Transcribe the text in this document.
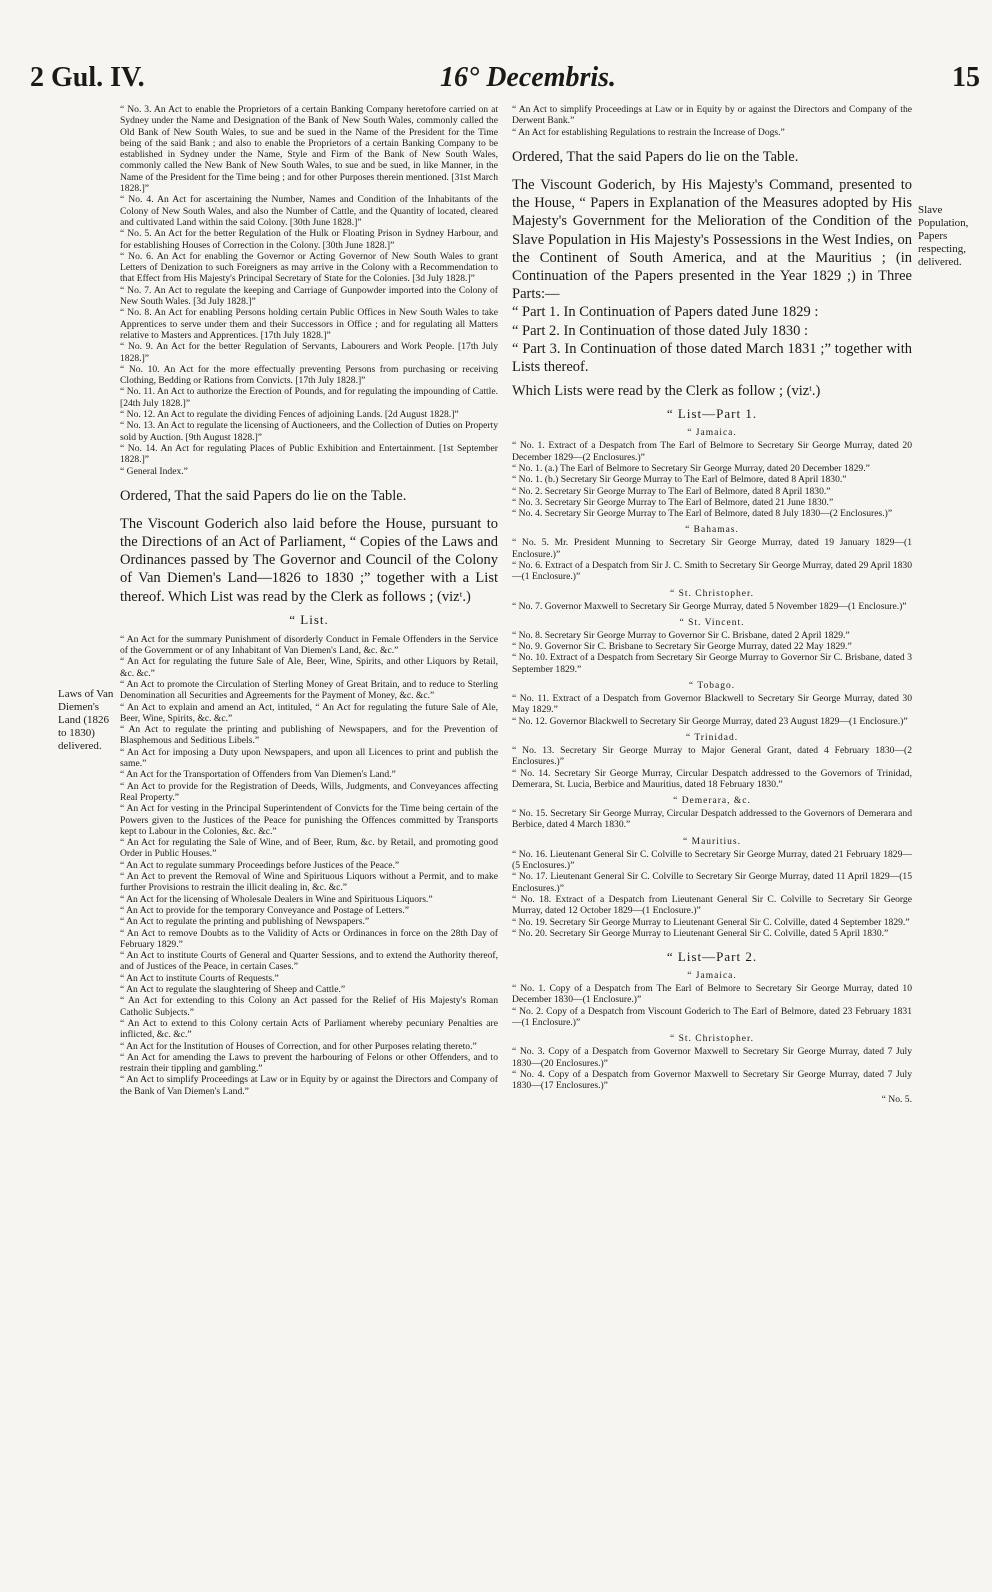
2 Gul. IV.	16° Decembris.	15
Laws of Van Diemen's Land (1826 to 1830) delivered.
Slave Population, Papers respecting, delivered.

“ No. 3. An Act to enable the Proprietors of a certain Banking Company heretofore carried on at Sydney under the Name and Designation of the Bank of New South Wales, commonly called the Old Bank of New South Wales, to sue and be sued in the Name of the President for the Time being of the said Bank ; and also to enable the Proprietors of a certain Banking Company to be established in Sydney under the Name, Style and Firm of the Bank of New South Wales, commonly called the New Bank of New South Wales, to sue and be sued, in like Manner, in the Name of the President for the Time being ; and for other Purposes therein mentioned. [31st March 1828.]”

“ No. 4. An Act for ascertaining the Number, Names and Condition of the Inhabitants of the Colony of New South Wales, and also the Number of Cattle, and the Quantity of located, cleared and cultivated Land within the said Colony. [30th June 1828.]”

“ No. 5. An Act for the better Regulation of the Hulk or Floating Prison in Sydney Harbour, and for establishing Houses of Correction in the Colony. [30th June 1828.]”

“ No. 6. An Act for enabling the Governor or Acting Governor of New South Wales to grant Letters of Denization to such Foreigners as may arrive in the Colony with a Recommendation to that Effect from His Majesty's Principal Secretary of State for the Colonies. [3d July 1828.]”

“ No. 7. An Act to regulate the keeping and Carriage of Gunpowder imported into the Colony of New South Wales. [3d July 1828.]”

“ No. 8. An Act for enabling Persons holding certain Public Offices in New South Wales to take Apprentices to serve under them and their Successors in Office ; and for regulating all Matters relative to Masters and Apprentices. [17th July 1828.]”

“ No. 9. An Act for the better Regulation of Servants, Labourers and Work People. [17th July 1828.]”

“ No. 10. An Act for the more effectually preventing Persons from purchasing or receiving Clothing, Bedding or Rations from Convicts. [17th July 1828.]”

“ No. 11. An Act to authorize the Erection of Pounds, and for regulating the impounding of Cattle. [24th July 1828.]”

“ No. 12. An Act to regulate the dividing Fences of adjoining Lands. [2d August 1828.]”

“ No. 13. An Act to regulate the licensing of Auctioneers, and the Collection of Duties on Property sold by Auction. [9th August 1828.]”

“ No. 14. An Act for regulating Places of Public Exhibition and Entertainment. [1st September 1828.]”

“ General Index.”

Ordered, That the said Papers do lie on the Table.

The Viscount Goderich also laid before the House, pursuant to the Directions of an Act of Parliament, “ Copies of the Laws and Ordinances passed by The Governor and Council of the Colony of Van Diemen's Land—1826 to 1830 ;” together with a List thereof. Which List was read by the Clerk as follows ; (vizᵗ.)

“ List.

“ An Act for the summary Punishment of disorderly Conduct in Female Offenders in the Service of the Government or of any Inhabitant of Van Diemen's Land, &c. &c.”

“ An Act for regulating the future Sale of Ale, Beer, Wine, Spirits, and other Liquors by Retail, &c. &c.”

“ An Act to promote the Circulation of Sterling Money of Great Britain, and to reduce to Sterling Denomination all Securities and Agreements for the Payment of Money, &c. &c.”

“ An Act to explain and amend an Act, intituled, “ An Act for regulating the future Sale of Ale, Beer, Wine, Spirits, &c. &c.”

“ An Act to regulate the printing and publishing of Newspapers, and for the Prevention of Blasphemous and Seditious Libels.”

“ An Act for imposing a Duty upon Newspapers, and upon all Licences to print and publish the same.”

“ An Act for the Transportation of Offenders from Van Diemen's Land.”

“ An Act to provide for the Registration of Deeds, Wills, Judgments, and Conveyances affecting Real Property.”

“ An Act for vesting in the Principal Superintendent of Convicts for the Time being certain of the Powers given to the Justices of the Peace for punishing the Offences committed by Transports kept to Labour in the Colonies, &c. &c.”

“ An Act for regulating the Sale of Wine, and of Beer, Rum, &c. by Retail, and promoting good Order in Public Houses.”

“ An Act to regulate summary Proceedings before Justices of the Peace.”

“ An Act to prevent the Removal of Wine and Spirituous Liquors without a Permit, and to make further Provisions to restrain the illicit dealing in, &c. &c.”

“ An Act for the licensing of Wholesale Dealers in Wine and Spirituous Liquors.”

“ An Act to provide for the temporary Conveyance and Postage of Letters.”

“ An Act to regulate the printing and publishing of Newspapers.”

“ An Act to remove Doubts as to the Validity of Acts or Ordinances in force on the 28th Day of February 1829.”

“ An Act to institute Courts of General and Quarter Sessions, and to extend the Authority thereof, and of Justices of the Peace, in certain Cases.”

“ An Act to institute Courts of Requests.”

“ An Act to regulate the slaughtering of Sheep and Cattle.”

“ An Act for extending to this Colony an Act passed for the Relief of His Majesty's Roman Catholic Subjects.”

“ An Act to extend to this Colony certain Acts of Parliament whereby pecuniary Penalties are inflicted, &c. &c.”

“ An Act for the Institution of Houses of Correction, and for other Purposes relating thereto.”

“ An Act for amending the Laws to prevent the harbouring of Felons or other Offenders, and to restrain their tippling and gambling.”

“ An Act to simplify Proceedings at Law or in Equity by or against the Directors and Company of the Bank of Van Diemen's Land.”

“ An Act to simplify Proceedings at Law or in Equity by or against the Directors and Company of the Derwent Bank.”

“ An Act for establishing Regulations to restrain the Increase of Dogs.”

Ordered, That the said Papers do lie on the Table.

The Viscount Goderich, by His Majesty's Command, presented to the House, “ Papers in Explanation of the Measures adopted by His Majesty's Government for the Melioration of the Condition of the Slave Population in His Majesty's Possessions in the West Indies, on the Continent of South America, and at the Mauritius ; (in Continuation of the Papers presented in the Year 1829 ;) in Three Parts:—

“ Part 1. In Continuation of Papers dated June 1829 :

“ Part 2. In Continuation of those dated July 1830 :

“ Part 3. In Continuation of those dated March 1831 ;” together with Lists thereof.

Which Lists were read by the Clerk as follow ; (vizᵗ.)

“ List—Part 1.
“ Jamaica.

“ No. 1. Extract of a Despatch from The Earl of Belmore to Secretary Sir George Murray, dated 20 December 1829—(2 Enclosures.)”

“ No. 1. (a.) The Earl of Belmore to Secretary Sir George Murray, dated 20 December 1829.”

“ No. 1. (b.) Secretary Sir George Murray to The Earl of Belmore, dated 8 April 1830.”

“ No. 2. Secretary Sir George Murray to The Earl of Belmore, dated 8 April 1830.”

“ No. 3. Secretary Sir George Murray to The Earl of Belmore, dated 21 June 1830.”

“ No. 4. Secretary Sir George Murray to The Earl of Belmore, dated 8 July 1830—(2 Enclosures.)”

“ Bahamas.

“ No. 5. Mr. President Munning to Secretary Sir George Murray, dated 19 January 1829—(1 Enclosure.)”

“ No. 6. Extract of a Despatch from Sir J. C. Smith to Secretary Sir George Murray, dated 29 April 1830—(1 Enclosure.)”

“ St. Christopher.

“ No. 7. Governor Maxwell to Secretary Sir George Murray, dated 5 November 1829—(1 Enclosure.)”

“ St. Vincent.

“ No. 8. Secretary Sir George Murray to Governor Sir C. Brisbane, dated 2 April 1829.”

“ No. 9. Governor Sir C. Brisbane to Secretary Sir George Murray, dated 22 May 1829.”

“ No. 10. Extract of a Despatch from Secretary Sir George Murray to Governor Sir C. Brisbane, dated 3 September 1829.”

“ Tobago.

“ No. 11. Extract of a Despatch from Governor Blackwell to Secretary Sir George Murray, dated 30 May 1829.”

“ No. 12. Governor Blackwell to Secretary Sir George Murray, dated 23 August 1829—(1 Enclosure.)”

“ Trinidad.

“ No. 13. Secretary Sir George Murray to Major General Grant, dated 4 February 1830—(2 Enclosures.)”

“ No. 14. Secretary Sir George Murray, Circular Despatch addressed to the Governors of Trinidad, Demerara, St. Lucia, Berbice and Mauritius, dated 18 February 1830.”

“ Demerara, &c.

“ No. 15. Secretary Sir George Murray, Circular Despatch addressed to the Governors of Demerara and Berbice, dated 4 March 1830.”

“ Mauritius.

“ No. 16. Lieutenant General Sir C. Colville to Secretary Sir George Murray, dated 21 February 1829—(5 Enclosures.)”

“ No. 17. Lieutenant General Sir C. Colville to Secretary Sir George Murray, dated 11 April 1829—(15 Enclosures.)”

“ No. 18. Extract of a Despatch from Lieutenant General Sir C. Colville to Secretary Sir George Murray, dated 12 October 1829—(1 Enclosure.)”

“ No. 19. Secretary Sir George Murray to Lieutenant General Sir C. Colville, dated 4 September 1829.”

“ No. 20. Secretary Sir George Murray to Lieutenant General Sir C. Colville, dated 5 April 1830.”

“ List—Part 2.
“ Jamaica.

“ No. 1. Copy of a Despatch from The Earl of Belmore to Secretary Sir George Murray, dated 10 December 1830—(1 Enclosure.)”

“ No. 2. Copy of a Despatch from Viscount Goderich to The Earl of Belmore, dated 23 February 1831—(1 Enclosure.)”

“ St. Christopher.

“ No. 3. Copy of a Despatch from Governor Maxwell to Secretary Sir George Murray, dated 7 July 1830—(20 Enclosures.)”

“ No. 4. Copy of a Despatch from Governor Maxwell to Secretary Sir George Murray, dated 7 July 1830—(17 Enclosures.)”

“ No. 5.
